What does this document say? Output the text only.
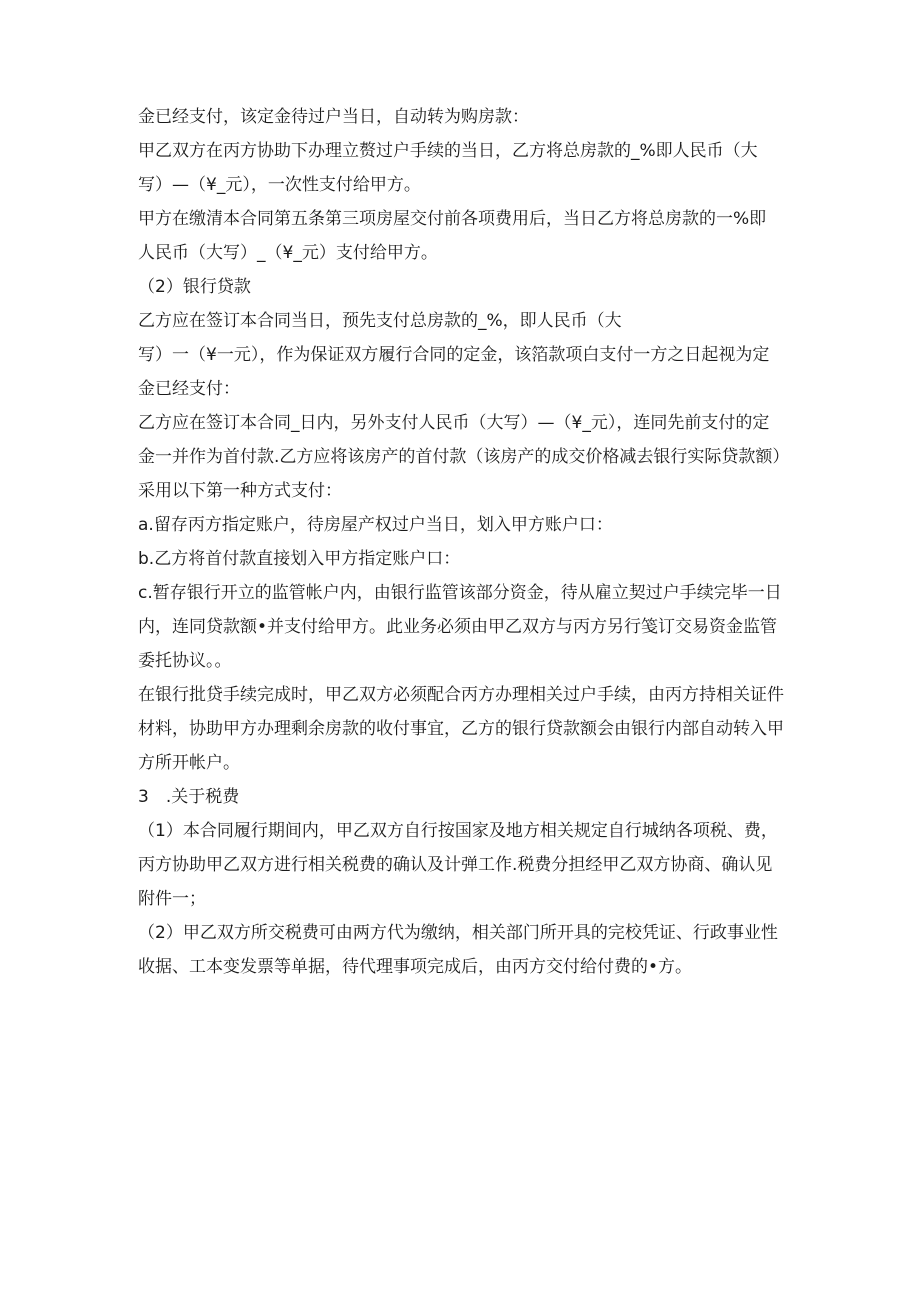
金已经支付，该定金待过户当日，自动转为购房款：
甲乙双方在丙方协助下办理立赘过户手续的当日，乙方将总房款的_%即人民币（大
写）—（¥_元），一次性支付给甲方。
甲方在缴清本合同第五条第三项房屋交付前各项费用后，当日乙方将总房款的一%即
人民币（大写）_（¥_元）支付给甲方。
（2）银行贷款
乙方应在签订本合同当日，预先支付总房款的_%，即人民币（大
写）一（¥一元），作为保证双方履行合同的定金，该箔款项白支付一方之日起视为定
金已经支付：
乙方应在签订本合同_日内，另外支付人民币（大写）—（¥_元），连同先前支付的定
金一并作为首付款.乙方应将该房产的首付款（该房产的成交价格减去银行实际贷款额）
采用以下第一种方式支付：
a.留存丙方指定账户，待房屋产权过户当日，划入甲方账户口：
b.乙方将首付款直接划入甲方指定账户口：
c.暂存银行开立的监管帐户内，由银行监管该部分资金，待从雇立契过户手续完毕一日
内，连同贷款额•并支付给甲方。此业务必须由甲乙双方与丙方另行笺订交易资金监管
委托协议。。
在银行批贷手续完成时，甲乙双方必须配合丙方办理相关过户手续，由丙方持相关证件
材料，协助甲方办理剩余房款的收付事宜，乙方的银行贷款额会由银行内部自动转入甲
方所开帐户。
3　.关于税费
（1）本合同履行期间内，甲乙双方自行按国家及地方相关规定自行城纳各项税、费，
丙方协助甲乙双方进行相关税费的确认及计弹工作.税费分担经甲乙双方协商、确认见
附件一；
（2）甲乙双方所交税费可由两方代为缴纳，相关部门所开具的完校凭证、行政事业性
收据、工本变发票等单据，待代理事项完成后，由丙方交付给付费的•方。
